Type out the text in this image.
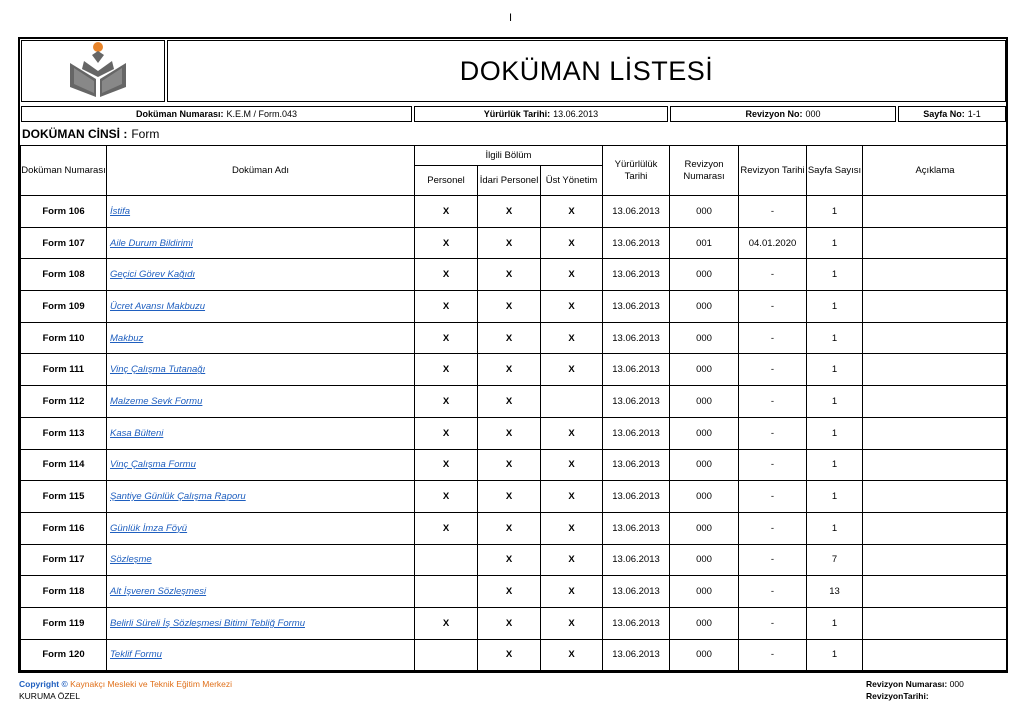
I
DOKÜMAN LİSTESİ
Doküman Numarası: K.E.M / Form.043	Yürürlük Tarihi: 13.06.2013	Revizyon No: 000	Sayfa No: 1-1
DOKÜMAN CİNSİ : Form
Doküman Numarası	Doküman Adı	İlgili Bölüm			Yürürlülük Tarihi	Revizyon Numarası	Revizyon Tarihi	Sayfa Sayısı	Açıklama
		Personel	İdari Personel	Üst Yönetim					
Form 106	İstifa	X	X	X	13.06.2013	000	-	1	
Form 107	Aile Durum Bildirimi	X	X	X	13.06.2013	001	04.01.2020	1	
Form 108	Geçici Görev Kağıdı	X	X	X	13.06.2013	000	-	1	
Form 109	Ücret Avansı Makbuzu	X	X	X	13.06.2013	000	-	1	
Form 110	Makbuz	X	X	X	13.06.2013	000	-	1	
Form 111	Vinç Çalışma Tutanağı	X	X	X	13.06.2013	000	-	1	
Form 112	Malzeme Sevk Formu	X	X		13.06.2013	000	-	1	
Form 113	Kasa Bülteni	X	X	X	13.06.2013	000	-	1	
Form 114	Vinç Çalışma Formu	X	X	X	13.06.2013	000	-	1	
Form 115	Şantiye Günlük Çalışma Raporu	X	X	X	13.06.2013	000	-	1	
Form 116	Günlük İmza Föyü	X	X	X	13.06.2013	000	-	1	
Form 117	Sözleşme		X	X	13.06.2013	000	-	7	
Form 118	Alt İşveren Sözleşmesi		X	X	13.06.2013	000	-	13	
Form 119	Belirli Süreli İş Sözleşmesi Bitimi Tebliğ Formu	X	X	X	13.06.2013	000	-	1	
Form 120	Teklif Formu		X	X	13.06.2013	000	-	1	
Copyright © Kaynakçı Mesleki ve Teknik Eğitim Merkezi
KURUMA ÖZEL
Revizyon Numarası: 000
RevizyonTarihi:
